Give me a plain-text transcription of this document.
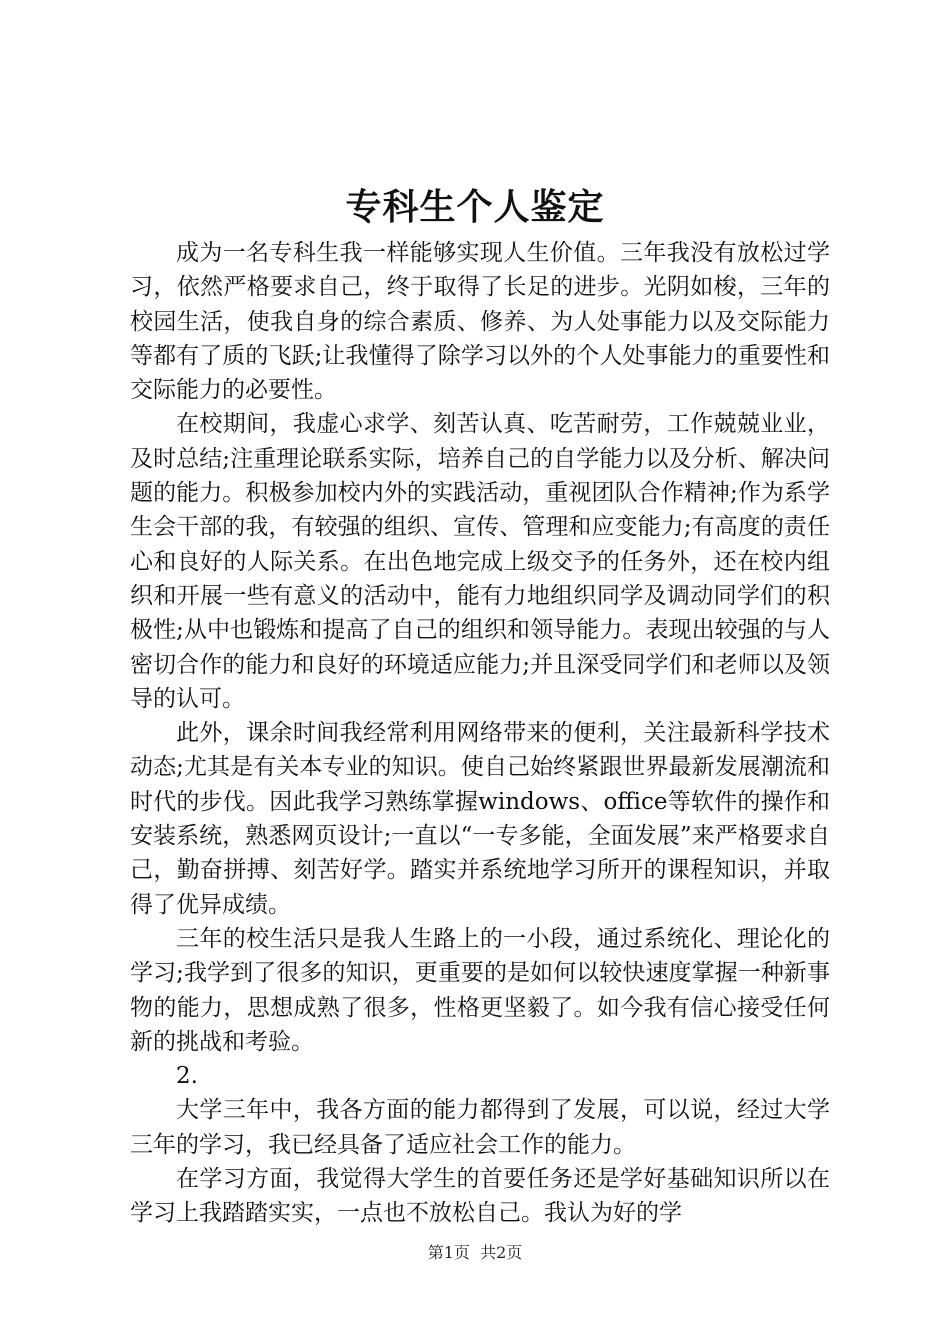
专科生个人鉴定

成为一名专科生我一样能够实现人生价值。三年我没有放松过学习，依然严格要求自己，终于取得了长足的进步。光阴如梭，三年的校园生活，使我自身的综合素质、修养、为人处事能力以及交际能力等都有了质的飞跃;让我懂得了除学习以外的个人处事能力的重要性和交际能力的必要性。

在校期间，我虚心求学、刻苦认真、吃苦耐劳，工作兢兢业业，及时总结;注重理论联系实际，培养自己的自学能力以及分析、解决问题的能力。积极参加校内外的实践活动，重视团队合作精神;作为系学生会干部的我，有较强的组织、宣传、管理和应变能力;有高度的责任心和良好的人际关系。在出色地完成上级交予的任务外，还在校内组织和开展一些有意义的活动中，能有力地组织同学及调动同学们的积极性;从中也锻炼和提高了自己的组织和领导能力。表现出较强的与人密切合作的能力和良好的环境适应能力;并且深受同学们和老师以及领导的认可。

此外，课余时间我经常利用网络带来的便利，关注最新科学技术动态;尤其是有关本专业的知识。使自己始终紧跟世界最新发展潮流和时代的步伐。因此我学习熟练掌握windows、office等软件的操作和安装系统，熟悉网页设计;一直以“一专多能，全面发展”来严格要求自己，勤奋拼搏、刻苦好学。踏实并系统地学习所开的课程知识，并取得了优异成绩。

三年的校生活只是我人生路上的一小段，通过系统化、理论化的学习;我学到了很多的知识，更重要的是如何以较快速度掌握一种新事物的能力，思想成熟了很多，性格更坚毅了。如今我有信心接受任何新的挑战和考验。

2.

大学三年中，我各方面的能力都得到了发展，可以说，经过大学三年的学习，我已经具备了适应社会工作的能力。

在学习方面，我觉得大学生的首要任务还是学好基础知识所以在学习上我踏踏实实，一点也不放松自己。我认为好的学

第1页 共2页
